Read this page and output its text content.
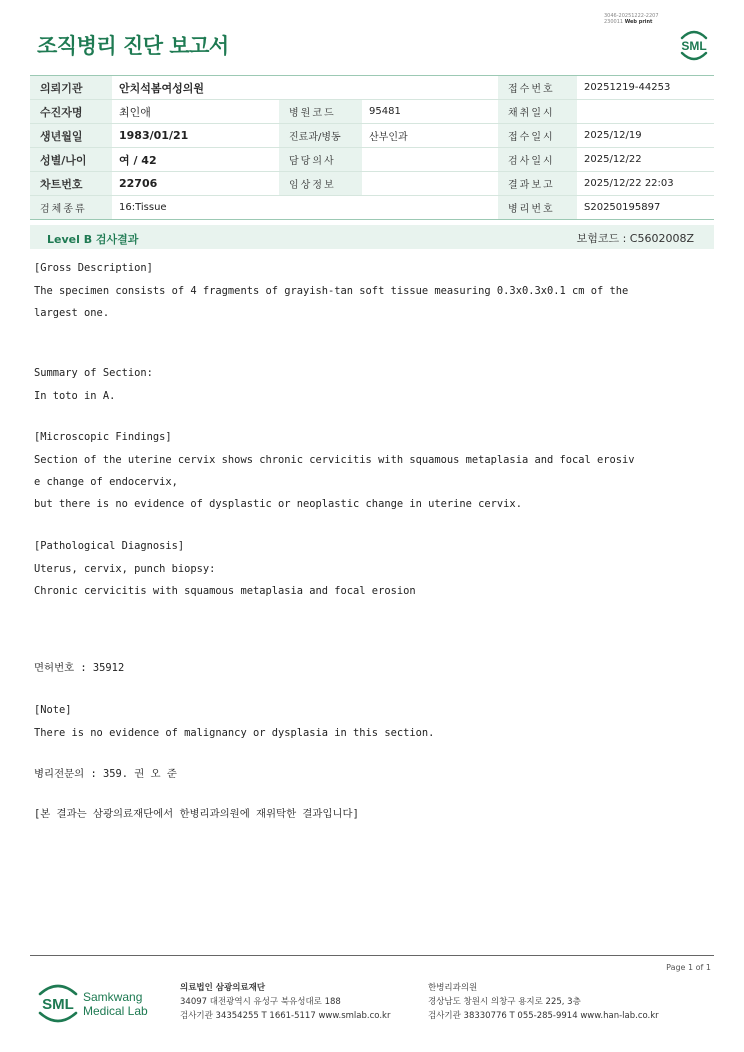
3046-20251222-2207
230011 Web print
조직병리 진단 보고서	SML
의뢰기관	안치석봄여성의원			접수번호	20251219-44253
수진자명	최인애	병원코드	95481	채취일시	
생년월일	1983/01/21	진료과/병동	산부인과	접수일시	2025/12/19
성별/나이	여 / 42	담당의사		검사일시	2025/12/22
차트번호	22706	임상정보		결과보고	2025/12/22 22:03
검체종류	16:Tissue			병리번호	S20250195897
Level B 검사결과	보험코드 : C5602008Z

[Gross Description]

The specimen consists of 4 fragments of grayish-tan soft tissue measuring 0.3x0.3x0.1 cm of the

largest one.

Summary of Section:

In toto in A.

[Microscopic Findings]

Section of the uterine cervix shows chronic cervicitis with squamous metaplasia and focal erosiv

e change of endocervix,

but there is no evidence of dysplastic or neoplastic change in uterine cervix.

[Pathological Diagnosis]

Uterus, cervix, punch biopsy:

Chronic cervicitis with squamous metaplasia and focal erosion

면허번호 : 35912

[Note]

There is no evidence of malignancy or dysplasia in this section.

병리전문의 : 359. 권 오 준

[본 결과는 삼광의료재단에서 한병리과의원에 재위탁한 결과입니다]

Page 1 of 1
SML Samkwang
Medical Lab
의료법인 삼광의료재단
34097 대전광역시 유성구 북유성대로 188
검사기관 34354255 T 1661-5117 www.smlab.co.kr
한병리과의원
경상남도 창원시 의창구 용지로 225, 3층
검사기관 38330776 T 055-285-9914 www.han-lab.co.kr
